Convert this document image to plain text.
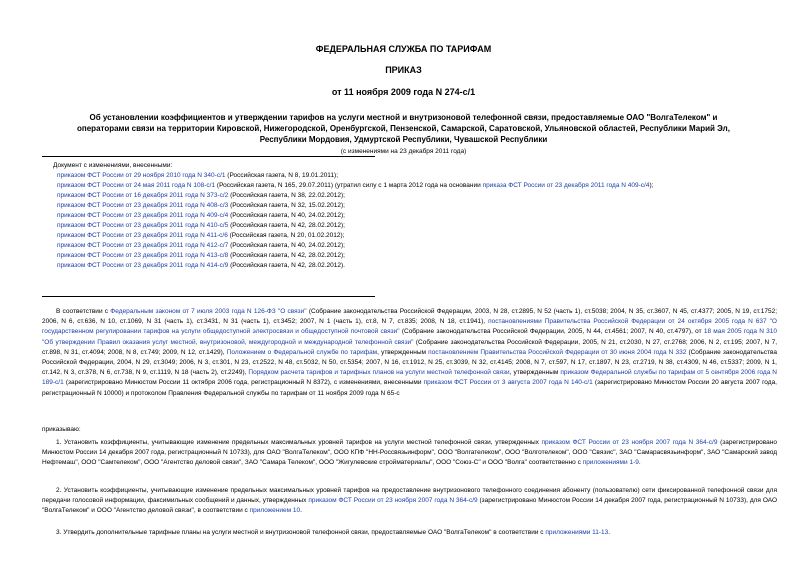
ФЕДЕРАЛЬНАЯ СЛУЖБА ПО ТАРИФАМ
ПРИКАЗ
от 11 ноября 2009 года N 274-с/1
Об установлении коэффициентов и утверждении тарифов на услуги местной и внутризоновой телефонной связи, предоставляемые ОАО "ВолгаТелеком" и
операторами связи на территории Кировской, Нижегородской, Оренбургской, Пензенской, Самарской, Саратовской, Ульяновской областей, Республики Марий Эл,
Республики Мордовия, Удмуртской Республики, Чувашской Республики
(с изменениями на 23 декабря 2011 года)
Документ с изменениями, внесенными:
приказом ФСТ России от 29 ноября 2010 года N 340-с/1 (Российская газета, N 8, 19.01.2011);
приказом ФСТ России от 24 мая 2011 года N 108-с/1 (Российская газета, N 165, 29.07.2011) (утратил силу с 1 марта 2012 года на основании приказа ФСТ России от 23 декабря 2011 года N 409-с/4);
приказом ФСТ России от 16 декабря 2011 года N 373-с/2 (Российская газета, N 38, 22.02.2012);
приказом ФСТ России от 23 декабря 2011 года N 408-с/3 (Российская газета, N 32, 15.02.2012);
приказом ФСТ России от 23 декабря 2011 года N 409-с/4 (Российская газета, N 40, 24.02.2012);
приказом ФСТ России от 23 декабря 2011 года N 410-с/5 (Российская газета, N 42, 28.02.2012);
приказом ФСТ России от 23 декабря 2011 года N 411-с/6 (Российская газета, N 20, 01.02.2012);
приказом ФСТ России от 23 декабря 2011 года N 412-с/7 (Российская газета, N 40, 24.02.2012);
приказом ФСТ России от 23 декабря 2011 года N 413-с/8 (Российская газета, N 42, 28.02.2012);
приказом ФСТ России от 23 декабря 2011 года N 414-с/9 (Российская газета, N 42, 28.02.2012).
В соответствии с Федеральным законом от 7 июля 2003 года N 126-ФЗ "О связи" (Собрание законодательства Российской Федерации, 2003, N 28, ст.2895, N 52 (часть 1), ст.5038; 2004, N 35, ст.3607, N 45, ст.4377; 2005, N 19, ст.1752; 2006, N 6, ст.636, N 10, ст.1069, N 31 (часть 1), ст.3431, N 31 (часть 1), ст.3452; 2007, N 1 (часть 1), ст.8, N 7, ст.835; 2008, N 18, ст.1941), постановлениями Правительства Российской Федерации от 24 октября 2005 года N 637 "О государственном регулировании тарифов на услуги общедоступной электросвязи и общедоступной почтовой связи" (Собрание законодательства Российской Федерации, 2005, N 44, ст.4561; 2007, N 40, ст.4797), от 18 мая 2005 года N 310 "Об утверждении Правил оказания услуг местной, внутризоновой, междугородной и международной телефонной связи" (Собрание законодательства Российской Федерации, 2005, N 21, ст.2030, N 27, ст.2768; 2006, N 2, ст.195; 2007, N 7, ст.898, N 31, ст.4094; 2008, N 8, ст.749; 2009, N 12, ст.1429), Положением о Федеральной службе по тарифам, утвержденным постановлением Правительства Российской Федерации от 30 июня 2004 года N 332 (Собрание законодательства Российской Федерации, 2004, N 29, ст.3049; 2006, N 3, ст.301, N 23, ст.2522, N 48, ст.5032, N 50, ст.5354; 2007, N 16, ст.1912, N 25, ст.3039, N 32, ст.4145; 2008, N 7, ст.597, N 17, ст.1897, N 23, ст.2719, N 38, ст.4309, N 46, ст.5337; 2009, N 1, ст.142, N 3, ст.378, N 6, ст.738, N 9, ст.1119, N 18 (часть 2), ст.2249), Порядком расчета тарифов и тарифных планов на услуги местной телефонной связи, утвержденным приказом Федеральной службы по тарифам от 5 сентября 2006 года N 189-с/1 (зарегистрировано Минюстом России 11 октября 2006 года, регистрационный N 8372), с изменениями, внесенными приказом ФСТ России от 3 августа 2007 года N 140-с/1 (зарегистрировано Минюстом России 20 августа 2007 года, регистрационный N 10000) и протоколом Правления Федеральной службы по тарифам от 11 ноября 2009 года N 65-с
приказываю:
1. Установить коэффициенты, учитывающие изменение предельных максимальных уровней тарифов на услуги местной телефонной связи, утвержденных приказом ФСТ России от 23 ноября 2007 года N 364-с/9 (зарегистрировано Минюстом России 14 декабря 2007 года, регистрационный N 10733), для ОАО "ВолгаТелеком", ООО КПФ "НН-Россвязьинформ", ООО "Волгателеком", ООО "Волготелеком", ООО "Связис", ЗАО "Самарасвязьинформ", ЗАО "Самарский завод Нефтемаш", ООО "Самтелеком", ООО "Агентство деловой связи", ЗАО "Самара Телеком", ООО "Жигулевские стройматериалы", ООО "Союз-С" и ООО "Волга" соответственно с приложениями 1-9.
2. Установить коэффициенты, учитывающие изменение предельных максимальных уровней тарифов на предоставление внутризонового телефонного соединения абоненту (пользователю) сети фиксированной телефонной связи для передачи голосовой информации, факсимильных сообщений и данных, утвержденных приказом ФСТ России от 23 ноября 2007 года N 364-с/9 (зарегистрировано Минюстом России 14 декабря 2007 года, регистрационный N 10733), для ОАО "ВолгаТелеком" и ООО "Агентство деловой связи", в соответствии с приложением 10.
3. Утвердить дополнительные тарифные планы на услуги местной и внутризоновой телефонной связи, предоставляемые ОАО "ВолгаТелеком" в соответствии с приложениями 11-13.
